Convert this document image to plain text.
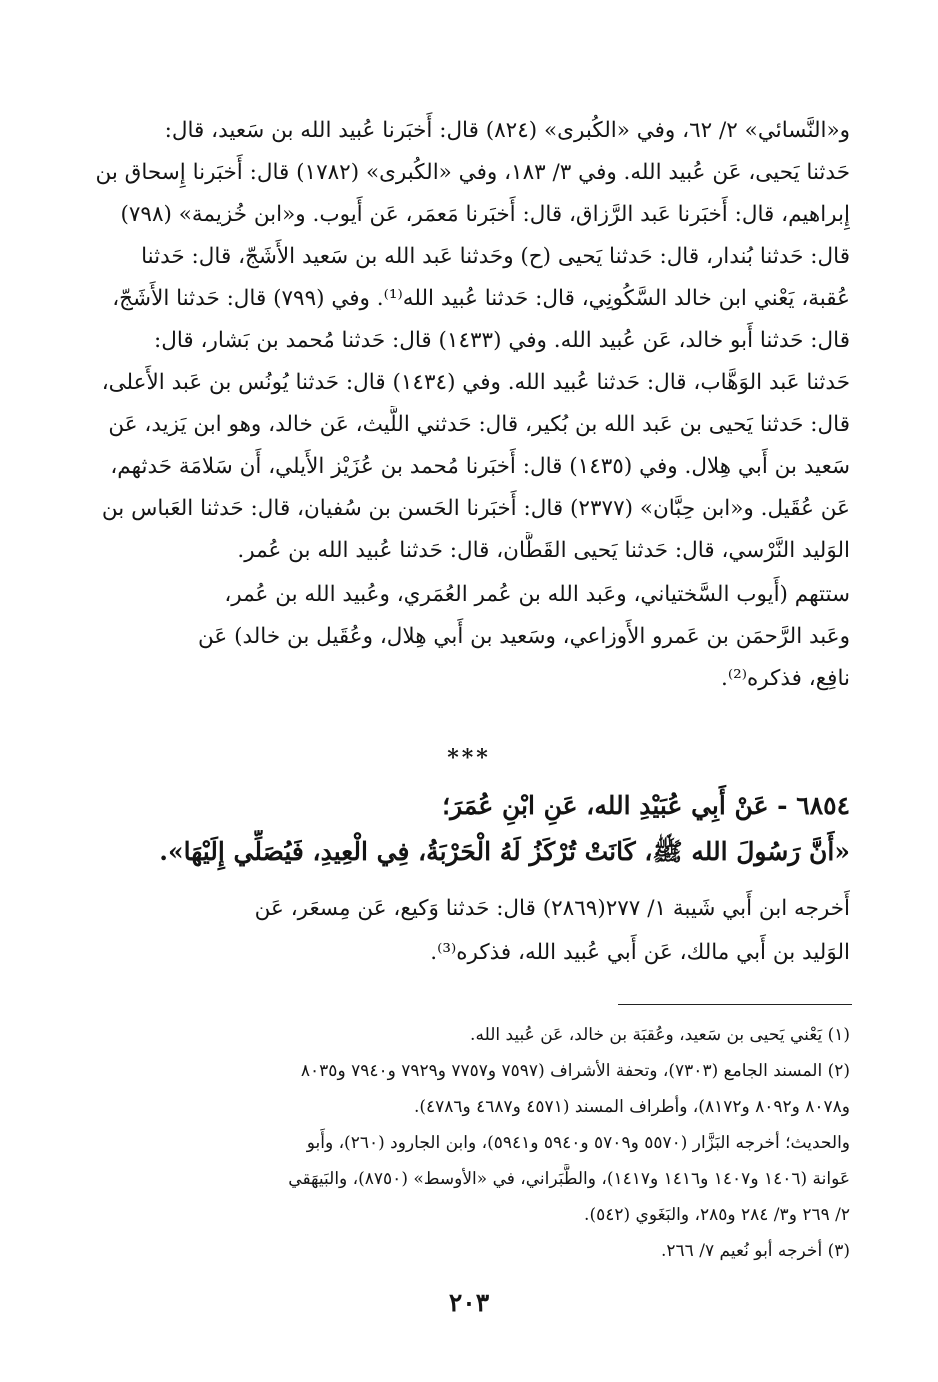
و«النَّسائي» ٢/ ٦٢، وفي «الكُبرى» (٨٢٤) قال: أَخبَرنا عُبيد الله بن سَعيد، قال:
حَدثنا يَحيى، عَن عُبيد الله. وفي ٣/ ١٨٣، وفي «الكُبرى» (١٧٨٢) قال: أَخبَرنا إِسحاق بن
إِبراهيم، قال: أَخبَرنا عَبد الرَّزاق، قال: أَخبَرنا مَعمَر، عَن أَيوب. و«ابن خُزيمة» (٧٩٨)
قال: حَدثنا بُندار، قال: حَدثنا يَحيى (ح) وحَدثنا عَبد الله بن سَعيد الأَشَجّ، قال: حَدثنا
عُقبة، يَعْني ابن خالد السَّكُونِي، قال: حَدثنا عُبيد الله⁽¹⁾. وفي (٧٩٩) قال: حَدثنا الأَشَجّ،
قال: حَدثنا أَبو خالد، عَن عُبيد الله. وفي (١٤٣٣) قال: حَدثنا مُحمد بن بَشار، قال:
حَدثنا عَبد الوَهَّاب، قال: حَدثنا عُبيد الله. وفي (١٤٣٤) قال: حَدثنا يُونُس بن عَبد الأَعلى،
قال: حَدثنا يَحيى بن عَبد الله بن بُكير، قال: حَدثني اللَّيث، عَن خالد، وهو ابن يَزيد، عَن
سَعيد بن أَبي هِلال. وفي (١٤٣٥) قال: أَخبَرنا مُحمد بن عُزَيْز الأَيلي، أَن سَلامَة حَدثهم،
عَن عُقَيل. و«ابن حِبَّان» (٢٣٧٧) قال: أَخبَرنا الحَسن بن سُفيان، قال: حَدثنا العَباس بن
الوَليد النَّرْسي، قال: حَدثنا يَحيى القَطَّان، قال: حَدثنا عُبيد الله بن عُمر.
ستتهم (أَيوب السَّختياني، وعَبد الله بن عُمر العُمَري، وعُبيد الله بن عُمر،
وعَبد الرَّحمَن بن عَمرو الأَوزاعي، وسَعيد بن أَبي هِلال، وعُقَيل بن خالد) عَن
نافِع، فذكره⁽²⁾.
***
٦٨٥٤ - عَنْ أَبِي عُبَيْدِ الله، عَنِ ابْنِ عُمَرَ؛
«أَنَّ رَسُولَ الله ﷺ، كَانَتْ تُرْكَزُ لَهُ الْحَرْبَةُ، فِي الْعِيدِ، فَيُصَلِّي إِلَيْهَا».
أَخرجه ابن أَبي شَيبة ١/ ٢٧٧(٢٨٦٩) قال: حَدثنا وَكيع، عَن مِسعَر، عَن
الوَليد بن أَبي مالك، عَن أَبي عُبيد الله، فذكره⁽³⁾.
(١) يَعْني يَحيى بن سَعيد، وعُقبَة بن خالد، عَن عُبيد الله.
(٢) المسند الجامع (٧٣٠٣)، وتحفة الأشراف (٧٥٩٧ و٧٧٥٧ و٧٩٢٩ و٧٩٤٠ و٨٠٣٥
و٨٠٧٨ و٨٠٩٢ و٨١٧٢)، وأطراف المسند (٤٥٧١ و٤٦٨٧ و٤٧٨٦).
والحديث؛ أخرجه البَزَّار (٥٥٧٠ و٥٧٠٩ و٥٩٤٠ و٥٩٤١)، وابن الجارود (٢٦٠)، وأَبو
عَوانة (١٤٠٦ و١٤٠٧ و١٤١٦ و١٤١٧)، والطَّبَراني، في «الأوسط» (٨٧٥٠)، والبَيهَقي
٢/ ٢٦٩ و٣/ ٢٨٤ و٢٨٥، والبَغَوي (٥٤٢).
(٣) أخرجه أبو نُعيم ٧/ ٢٦٦.
٢٠٣
